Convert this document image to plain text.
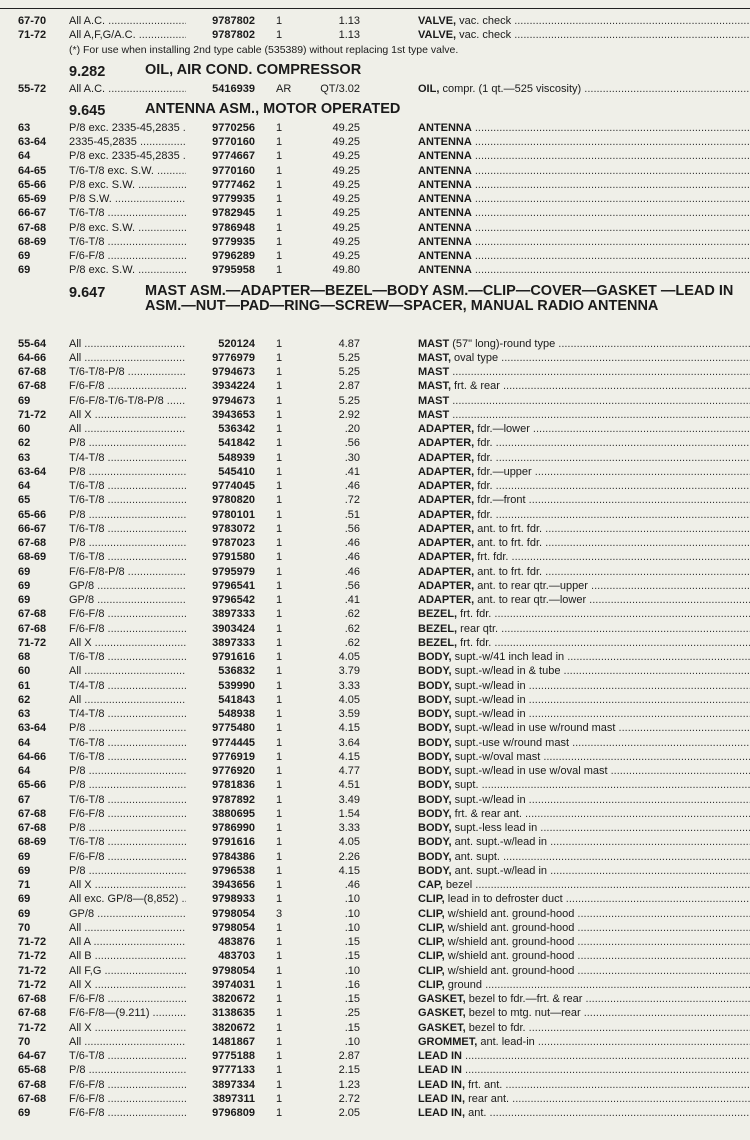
67-70 All A.C. .....	9787802 1	1.13	VALVE, vac. check .....
71-72 All A,F,G/A.C. .....	9787802 1	1.13	VALVE, vac. check .....
(*) For use when installing 2nd type cable (535389) without replacing 1st type valve.
9.282	OIL, AIR COND. COMPRESSOR
55-72 All A.C. .....	5416939 AR	QT/3.02	OIL, compr. (1 qt.—525 viscosity) .....
9.645	ANTENNA ASM., MOTOR OPERATED
63	P/8 exc. 2335-45,2835 .....	9770256 1	49.25	ANTENNA .....
63-64 2335-45,2835 .....	9770160 1	49.25	ANTENNA .....
64	P/8 exc. 2335-45,2835 .....	9774667 1	49.25	ANTENNA .....
64-65 T/6-T/8 exc. S.W. .....	9770160 1	49.25	ANTENNA .....
65-66 P/8 exc. S.W. .....	9777462 1	49.25	ANTENNA .....
65-69 P/8 S.W. .....	9779935 1	49.25	ANTENNA .....
66-67 T/6-T/8 .....	9782945 1	49.25	ANTENNA .....
67-68 P/8 exc. S.W. .....	9786948 1	49.25	ANTENNA .....
68-69 T/6-T/8 .....	9779935 1	49.25	ANTENNA .....
69	F/6-F/8 .....	9796289 1	49.25	ANTENNA .....
69	P/8 exc. S.W. .....	9795958 1	49.80	ANTENNA .....
9.647	MAST ASM.—ADAPTER—BEZEL—BODY ASM.—CLIP—COVER—GASKET —LEAD IN ASM.—NUT—PAD—RING—SCREW—SPACER, MANUAL RADIO ANTENNA
55-64 All .....	520124 1	4.87	MAST (57" long)-round type .....
64-66 All .....	9776979 1	5.25	MAST, oval type .....
67-68 T/6-T/8-P/8 .....	9794673 1	5.25	MAST .....
67-68 F/6-F/8 .....	3934224 1	2.87	MAST, frt. & rear .....
69	F/6-F/8-T/6-T/8-P/8 .....	9794673 1	5.25	MAST .....
71-72 All X .....	3943653 1	2.92	MAST .....
60	All .....	536342 1	.20	ADAPTER, fdr.—lower .....
62	P/8 .....	541842 1	.56	ADAPTER, fdr. .....
63	T/4-T/8 .....	548939 1	.30	ADAPTER, fdr. .....
63-64 P/8 .....	545410 1	.41	ADAPTER, fdr.—upper .....
64	T/6-T/8 .....	9774045 1	.46	ADAPTER, fdr. .....
65	T/6-T/8 .....	9780820 1	.72	ADAPTER, fdr.—front .....
65-66 P/8 .....	9780101 1	.51	ADAPTER, fdr. .....
66-67 T/6-T/8 .....	9783072 1	.56	ADAPTER, ant. to frt. fdr. .....
67-68 P/8 .....	9787023 1	.46	ADAPTER, ant. to frt. fdr. .....
68-69 T/6-T/8 .....	9791580 1	.46	ADAPTER, frt. fdr. .....
69	F/6-F/8-P/8 .....	9795979 1	.46	ADAPTER, ant. to frt. fdr. .....
69	GP/8 .....	9796541 1	.56	ADAPTER, ant. to rear qtr.—upper .....
69	GP/8 .....	9796542 1	.41	ADAPTER, ant. to rear qtr.—lower .....
67-68 F/6-F/8 .....	3897333 1	.62	BEZEL, frt. fdr. .....
67-68 F/6-F/8 .....	3903424 1	.62	BEZEL, rear qtr. .....
71-72 All X .....	3897333 1	.62	BEZEL, frt. fdr. .....
68	T/6-T/8 .....	9791616 1	4.05	BODY, supt.-w/41 inch lead in .....
60	All .....	536832 1	3.79	BODY, supt.-w/lead in & tube .....
61	T/4-T/8 .....	539990 1	3.33	BODY, supt.-w/lead in .....
62	All .....	541843 1	4.05	BODY, supt.-w/lead in .....
63	T/4-T/8 .....	548938 1	3.59	BODY, supt.-w/lead in .....
63-64 P/8 .....	9775480 1	4.15	BODY, supt.-w/lead in use w/round mast .....
64	T/6-T/8 .....	9774445 1	3.64	BODY, supt.-use w/round mast .....
64-66 T/6-T/8 .....	9776919 1	4.15	BODY, supt.-w/oval mast .....
64	P/8 .....	9776920 1	4.77	BODY, supt.-w/lead in use w/oval mast .....
65-66 P/8 .....	9781836 1	4.51	BODY, supt. .....
67	T/6-T/8 .....	9787892 1	3.49	BODY, supt.-w/lead in .....
67-68 F/6-F/8 .....	3880695 1	1.54	BODY, frt. & rear ant. .....
67-68 P/8 .....	9786990 1	3.33	BODY, supt.-less lead in .....
68-69 T/6-T/8 .....	9791616 1	4.05	BODY, ant. supt.-w/lead in .....
69	F/6-F/8 .....	9784386 1	2.26	BODY, ant. supt. .....
69	P/8 .....	9796538 1	4.15	BODY, ant. supt.-w/lead in .....
71	All X .....	3943656 1	.46	CAP, bezel .....
69	All exc. GP/8—(8,852) .....	9798933 1	.10	CLIP, lead in to defroster duct .....
69	GP/8 .....	9798054 3	.10	CLIP, w/shield ant. ground-hood .....
70	All .....	9798054 1	.10	CLIP, w/shield ant. ground-hood .....
71-72 All A .....	483876 1	.15	CLIP, w/shield ant. ground-hood .....
71-72 All B .....	483703 1	.15	CLIP, w/shield ant. ground-hood .....
71-72 All F,G .....	9798054 1	.10	CLIP, w/shield ant. ground-hood .....
71-72 All X .....	3974031 1	.16	CLIP, ground .....
67-68 F/6-F/8 .....	3820672 1	.15	GASKET, bezel to fdr.—frt. & rear .....
67-68 F/6-F/8—(9.211) .....	3138635 1	.25	GASKET, bezel to mtg. nut—rear .....
71-72 All X .....	3820672 1	.15	GASKET, bezel to fdr. .....
70	All .....	1481867 1	.10	GROMMET, ant. lead-in .....
64-67 T/6-T/8 .....	9775188 1	2.87	LEAD IN .....
65-68 P/8 .....	9777133 1	2.15	LEAD IN .....
67-68 F/6-F/8 .....	3897334 1	1.23	LEAD IN, frt. ant. .....
67-68 F/6-F/8 .....	3897311 1	2.72	LEAD IN, rear ant. .....
69	F/6-F/8 .....	9796809 1	2.05	LEAD IN, ant. .....
